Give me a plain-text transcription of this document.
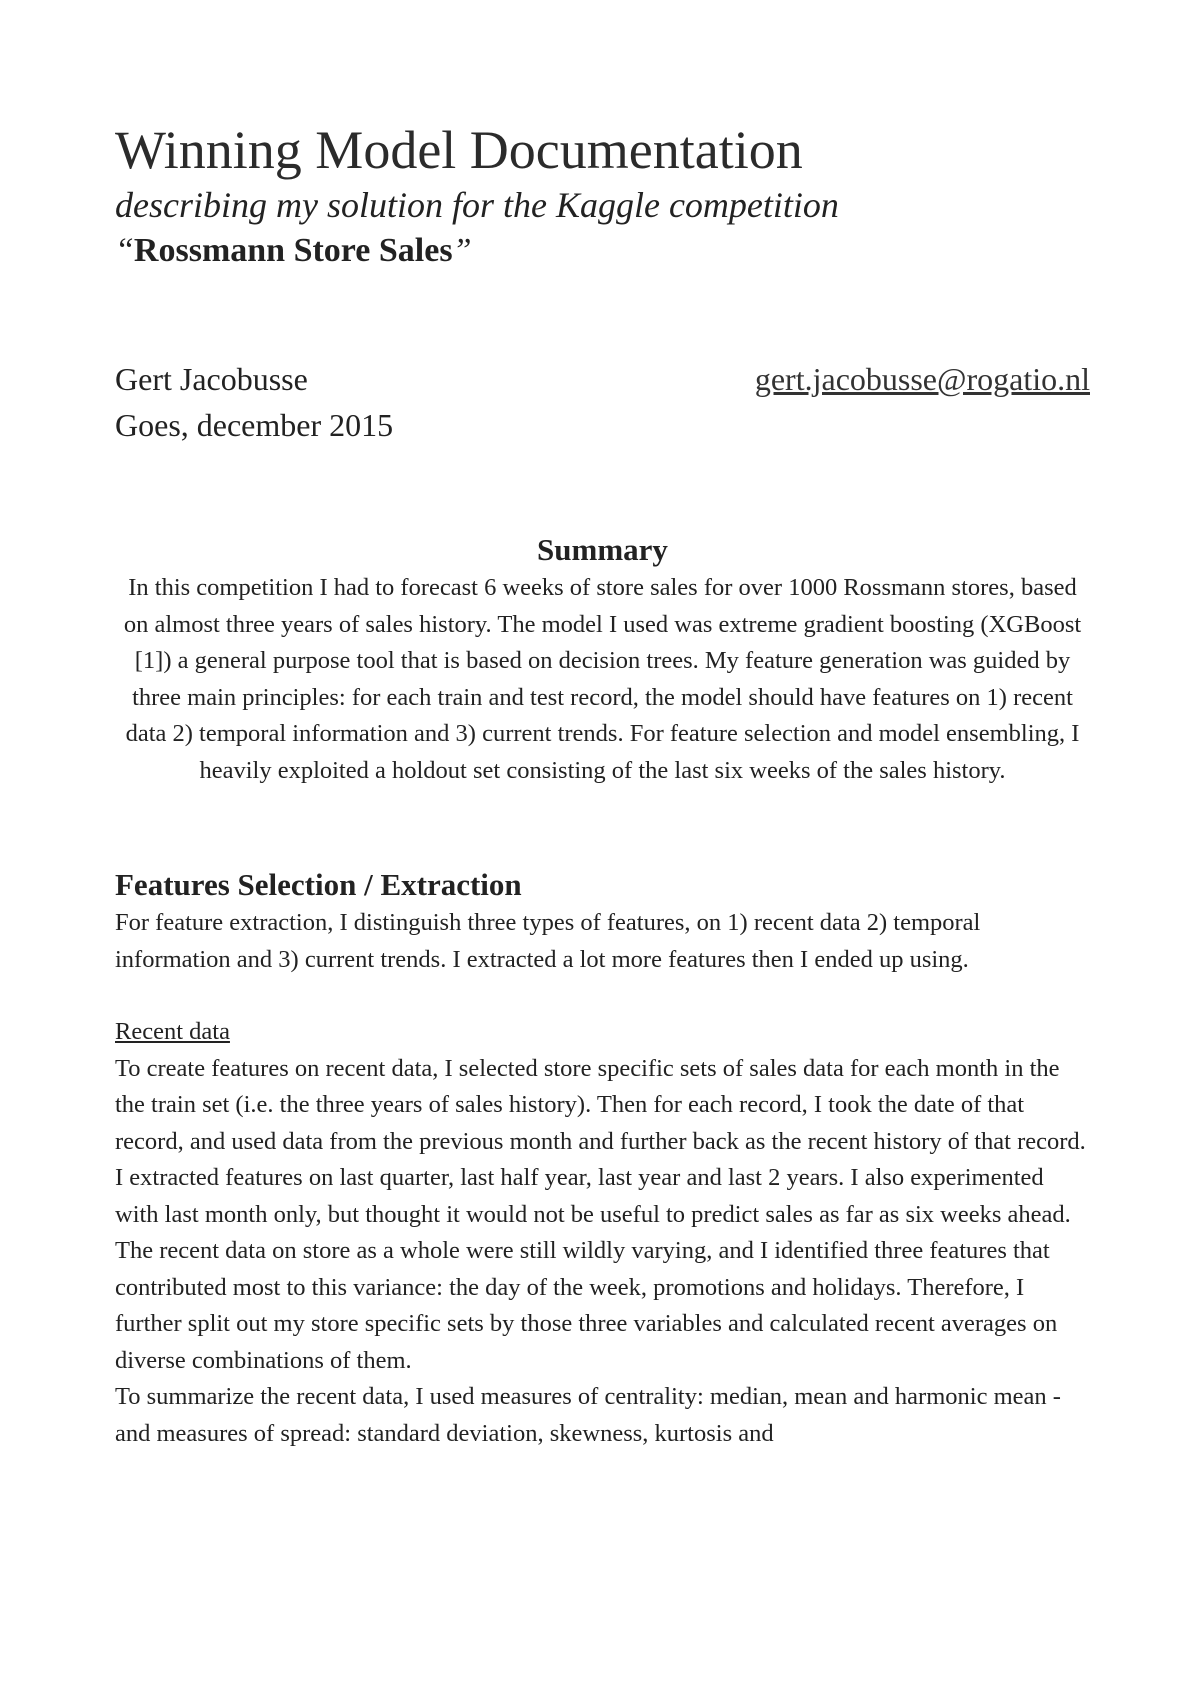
Winning Model Documentation
describing my solution for the Kaggle competition
“Rossmann Store Sales”
Gert Jacobusse	gert.jacobusse@rogatio.nl
Goes, december 2015
Summary

In this competition I had to forecast 6 weeks of store sales for over 1000 Rossmann stores, based on almost three years of sales history. The model I used was extreme gradient boosting (XGBoost [1]) a general purpose tool that is based on decision trees. My feature generation was guided by three main principles: for each train and test record, the model should have features on 1) recent data 2) temporal information and 3) current trends. For feature selection and model ensembling, I heavily exploited a holdout set consisting of the last six weeks of the sales history.

Features Selection / Extraction

For feature extraction, I distinguish three types of features, on 1) recent data 2) temporal information and 3) current trends. I extracted a lot more features then I ended up using.

Recent data

To create features on recent data, I selected store specific sets of sales data for each month in the the train set (i.e. the three years of sales history). Then for each record, I took the date of that record, and used data from the previous month and further back as the recent history of that record. I extracted features on last quarter, last half year, last year and last 2 years. I also experimented with last month only, but thought it would not be useful to predict sales as far as six weeks ahead.

The recent data on store as a whole were still wildly varying, and I identified three features that contributed most to this variance: the day of the week, promotions and holidays. Therefore, I further split out my store specific sets by those three variables and calculated recent averages on diverse combinations of them.

To summarize the recent data, I used measures of centrality: median, mean and harmonic mean - and measures of spread: standard deviation, skewness, kurtosis and
